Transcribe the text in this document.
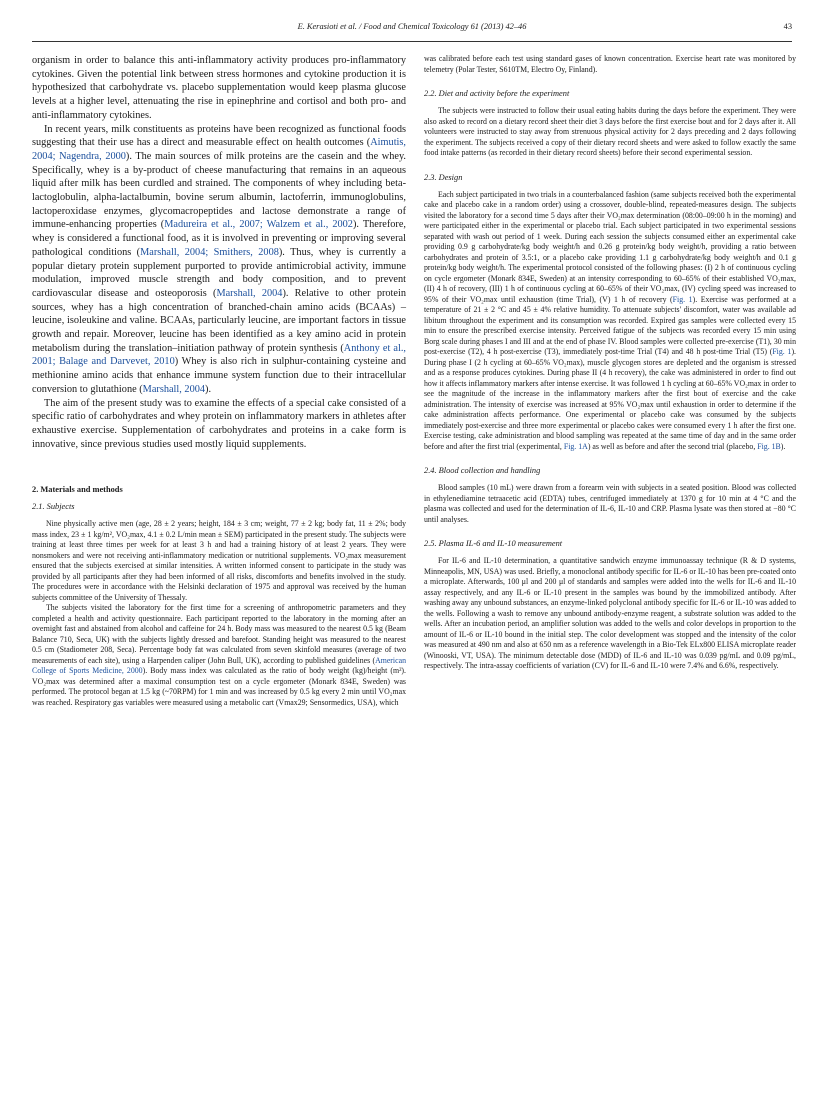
E. Kerasioti et al. / Food and Chemical Toxicology 61 (2013) 42–46	43

organism in order to balance this anti-inflammatory activity produces pro-inflammatory cytokines. Given the potential link between stress hormones and cytokine production it is hypothesized that carbohydrate vs. placebo supplementation would keep plasma glucose levels at a higher level, attenuating the rise in epinephrine and cortisol and both pro- and anti-inflammatory cytokines.

In recent years, milk constituents as proteins have been recognized as functional foods suggesting that their use has a direct and measurable effect on health outcomes (Aimutis, 2004; Nagendra, 2000). The main sources of milk proteins are the casein and the whey. Specifically, whey is a by-product of cheese manufacturing that remains in an aqueous liquid after milk has been curdled and strained. The components of whey including beta-lactoglobulin, alpha-lactalbumin, bovine serum albumin, lactoferrin, immunoglobulins, lactoperoxidase enzymes, glycomacropeptides and lactose demonstrate a range of immune-enhancing properties (Madureira et al., 2007; Walzem et al., 2002). Therefore, whey is considered a functional food, as it is involved in preventing or improving several pathological conditions (Marshall, 2004; Smithers, 2008). Thus, whey is currently a popular dietary protein supplement purported to provide antimicrobial activity, immune modulation, improved muscle strength and body composition, and to prevent cardiovascular disease and osteoporosis (Marshall, 2004). Relative to other protein sources, whey has a high concentration of branched-chain amino acids (BCAAs) – leucine, isoleukine and valine. BCAAs, particularly leucine, are important factors in tissue growth and repair. Moreover, leucine has been identified as a key amino acid in protein metabolism during the translation–initiation pathway of protein synthesis (Anthony et al., 2001; Balage and Darvevet, 2010) Whey is also rich in sulphur-containing cysteine and methionine amino acids that enhance immune system function due to their intracellular conversion to glutathione (Marshall, 2004).

The aim of the present study was to examine the effects of a special cake consisted of a specific ratio of carbohydrates and whey protein on inflammatory markers in athletes after exhaustive exercise. Supplementation of carbohydrates and proteins in a cake form is innovative, since previous studies used mostly liquid supplements.

2. Materials and methods

2.1. Subjects

Nine physically active men (age, 28 ± 2 years; height, 184 ± 3 cm; weight, 77 ± 2 kg; body fat, 11 ± 2%; body mass index, 23 ± 1 kg/m², VO₂max, 4.1 ± 0.2 L/min mean ± SEM) participated in the present study. The subjects were training at least three times per week for at least 3 h and had a training history of at least 2 years. They were nonsmokers and were not receiving anti-inflammatory medication or nutritional supplements. VO₂max measurement ensured that the subjects exercised at similar intensities. A written informed consent to participate in the study was provided by all participants after they had been informed of all risks, discomforts and benefits involved in the study. The procedures were in accordance with the Helsinki declaration of 1975 and approval was received by the human subjects committee of the University of Thessaly.

The subjects visited the laboratory for the first time for a screening of anthropometric parameters and they completed a health and activity questionnaire. Each participant reported to the laboratory in the morning after an overnight fast and abstained from alcohol and caffeine for 24 h. Body mass was measured to the nearest 0.5 kg (Beam Balance 710, Seca, UK) with the subjects lightly dressed and barefoot. Standing height was measured to the nearest 0.5 cm (Stadiometer 208, Seca). Percentage body fat was calculated from seven skinfold measures (average of two measurements of each site), using a Harpenden caliper (John Bull, UK), according to published guidelines (American College of Sports Medicine, 2000). Body mass index was calculated as the ratio of body weight (kg)/height (m²). VO₂max was determined after a maximal consumption test on a cycle ergometer (Monark 834E, Sweden) was performed. The protocol began at 1.5 kg (~70RPM) for 1 min and was increased by 0.5 kg every 2 min until VO₂max was reached. Respiratory gas variables were measured using a metabolic cart (Vmax29; Sensormedics, USA), which

was calibrated before each test using standard gases of known concentration. Exercise heart rate was monitored by telemetry (Polar Tester, S610TM, Electro Oy, Finland).

2.2. Diet and activity before the experiment

The subjects were instructed to follow their usual eating habits during the days before the experiment. They were also asked to record on a dietary record sheet their diet 3 days before the first exercise bout and for 2 days after it. All volunteers were instructed to stay away from strenuous physical activity for 2 days preceding and 2 days following the experiment. The subjects received a copy of their dietary record sheets and were asked to follow exactly the same food intake patterns (as recorded in their dietary record sheets) before their second experimental session.

2.3. Design

Each subject participated in two trials in a counterbalanced fashion (same subjects received both the experimental cake and placebo cake in a random order) using a crossover, double-blind, repeated-measures design. The subjects visited the laboratory for a second time 5 days after their VO₂max determination (08:00–09:00 h in the morning) and were participated either in the experimental or placebo trial. Each subject participated in two experimental sessions separated with wash out period of 1 week. During each session the subjects consumed either an experimental cake providing 0.9 g carbohydrate/kg body weight/h and 0.26 g protein/kg body weight/h, providing a ratio between carbohydrates and protein of 3.5:1, or a placebo cake providing 1.1 g carbohydrate/kg body weight/h and 0.1 g protein/kg body weight/h. The experimental protocol consisted of the following phases: (I) 2 h of continuous cycling on cycle ergometer (Monark 834E, Sweden) at an intensity corresponding to 60–65% of their established VO₂max, (II) 4 h of recovery, (III) 1 h of continuous cycling at 60–65% of their VO₂max, (IV) cycling speed was increased to 95% of their VO₂max until exhaustion (time Trial), (V) 1 h of recovery (Fig. 1). Exercise was performed at a temperature of 21 ± 2 °C and 45 ± 4% relative humidity. To attenuate subjects' discomfort, water was available ad libitum throughout the experiment and its consumption was recorded. Expired gas samples were collected every 15 min to ensure the prescribed exercise intensity. Perceived fatigue of the subjects was recorded every 15 min using Borg scale during phases I and III and at the end of phase IV. Blood samples were collected pre-exercise (T1), 30 min post-exercise (T2), 4 h post-exercise (T3), immediately post-time Trial (T4) and 48 h post-time Trial (T5) (Fig. 1). During phase I (2 h cycling at 60–65% VO₂max), muscle glycogen stores are depleted and the organism is stressed and as a response produces cytokines. During phase II (4 h recovery), the cake was administered in order to find out how it affects inflammatory markers after intense exercise. It was followed 1 h cycling at 60–65% VO₂max in order to see the magnitude of the increase in the inflammatory markers after the first bout of exercise and the cake administration. The intensity of exercise was increased at 95% VO₂max until exhaustion in order to determine if the cake administration affects performance. One experimental or placebo cake was consumed by the subjects immediately post-exercise and three more experimental or placebo cakes were consumed every 1 h after the first one. Exercise testing, cake administration and blood sampling was repeated at the same time of day and in the same order before and after the first trial (experimental, Fig. 1A) as well as before and after the second trial (placebo, Fig. 1B).

2.4. Blood collection and handling

Blood samples (10 mL) were drawn from a forearm vein with subjects in a seated position. Blood was collected in ethylenediamine tetraacetic acid (EDTA) tubes, centrifuged immediately at 1370 g for 10 min at 4 °C and the plasma was collected and used for the determination of IL-6, IL-10 and CRP. Plasma lysate was then stored at −80 °C until analyses.

2.5. Plasma IL-6 and IL-10 measurement

For IL-6 and IL-10 determination, a quantitative sandwich enzyme immunoassay technique (R & D systems, Minneapolis, MN, USA) was used. Briefly, a monoclonal antibody specific for IL-6 or IL-10 has been pre-coated onto a microplate. Afterwards, 100 μl and 200 μl of standards and samples were added into the wells for IL-6 and IL-10 assay respectively, and any IL-6 or IL-10 present in the samples was bound by the immobilized antibody. After washing away any unbound substances, an enzyme-linked polyclonal antibody specific for IL-6 or IL-10 was added to the wells. Following a wash to remove any unbound antibody-enzyme reagent, a substrate solution was added to the wells. After an incubation period, an amplifier solution was added to the wells and color develops in proportion to the amount of IL-6 or IL-10 bound in the initial step. The color development was stopped and the intensity of the color was measured at 490 nm and also at 650 nm as a reference wavelength in a Bio-Tek ELx800 ELISA microplate reader (Winooski, VT, USA). The minimum detectable dose (MDD) of IL-6 and IL-10 was 0.039 pg/mL and 0.09 pg/mL, respectively. The intra-assay coefficients of variation (CV) for IL-6 and IL-10 were 7.4% and 6.6%, respectively.
